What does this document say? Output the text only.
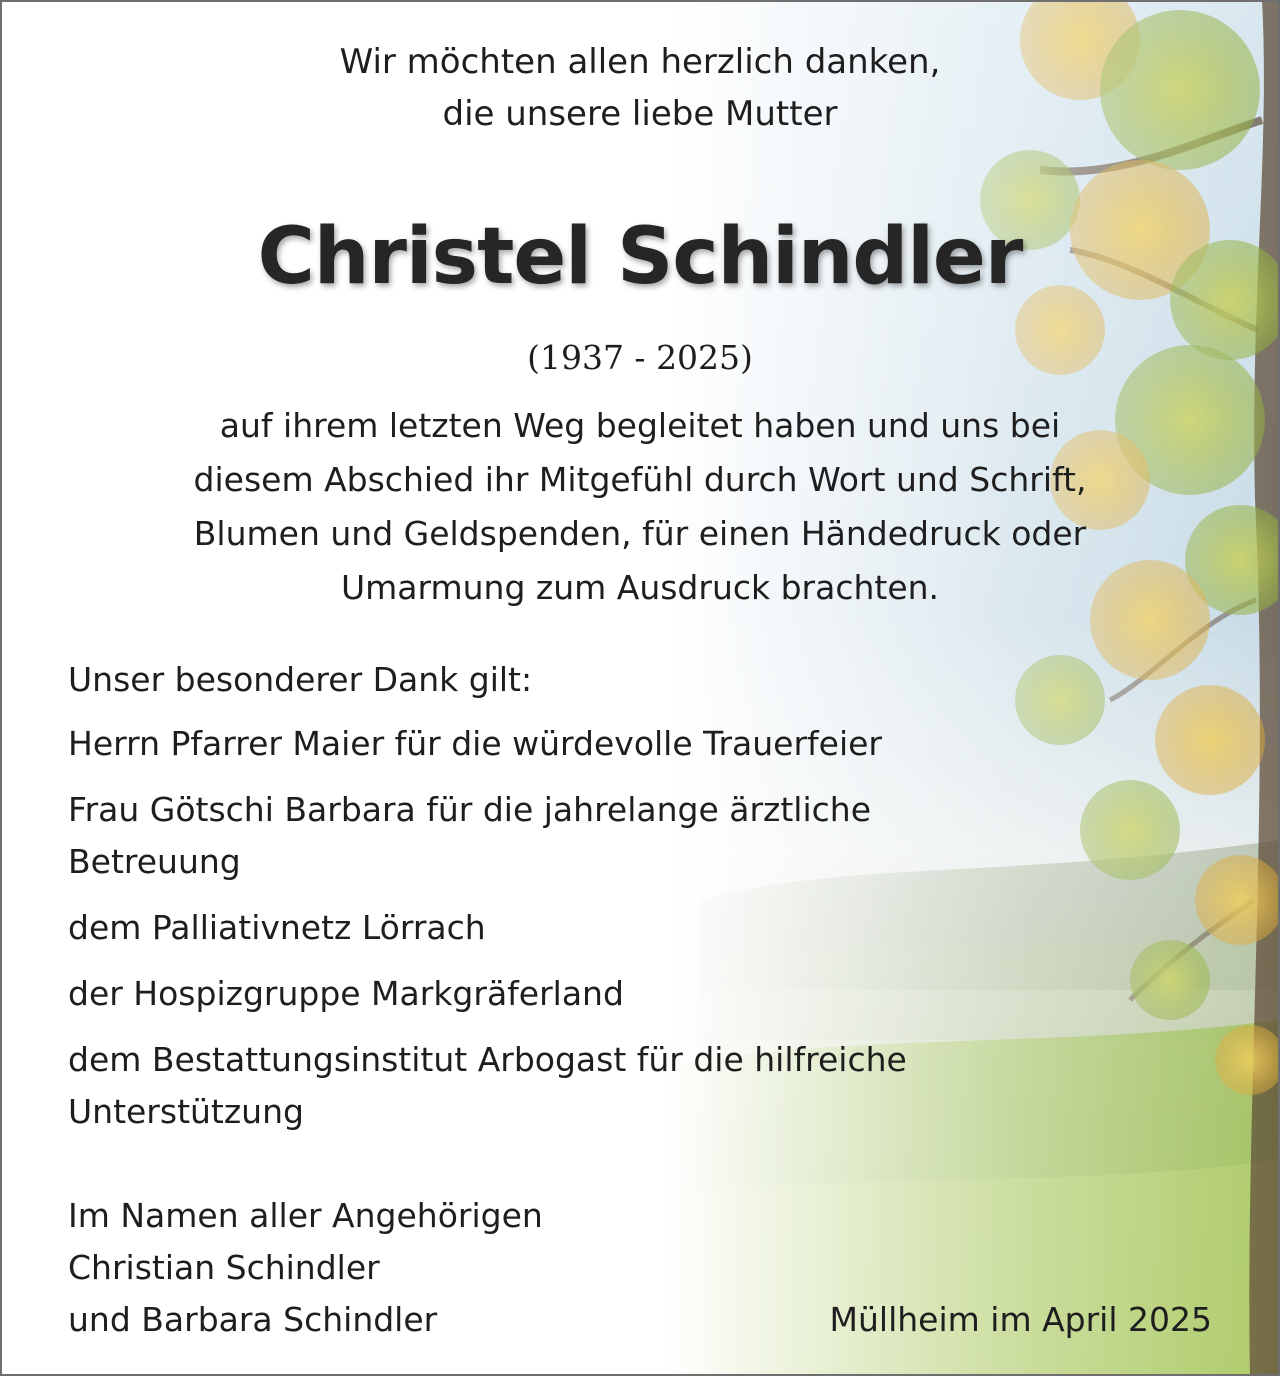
Wir möchten allen herzlich danken,

die unsere liebe Mutter

Christel Schindler

(1937 - 2025)

auf ihrem letzten Weg begleitet haben und uns bei

diesem Abschied ihr Mitgefühl durch Wort und Schrift,

Blumen und Geldspenden, für einen Händedruck oder

Umarmung zum Ausdruck brachten.

Unser besonderer Dank gilt:

Herrn Pfarrer Maier für die würdevolle Trauerfeier

Frau Götschi Barbara für die jahrelange ärztliche

Betreuung

dem Palliativnetz Lörrach

der Hospizgruppe Markgräferland

dem Bestattungsinstitut Arbogast für die hilfreiche

Unterstützung

Im Namen aller Angehörigen

Christian Schindler

und Barbara Schindler	Müllheim im April 2025
